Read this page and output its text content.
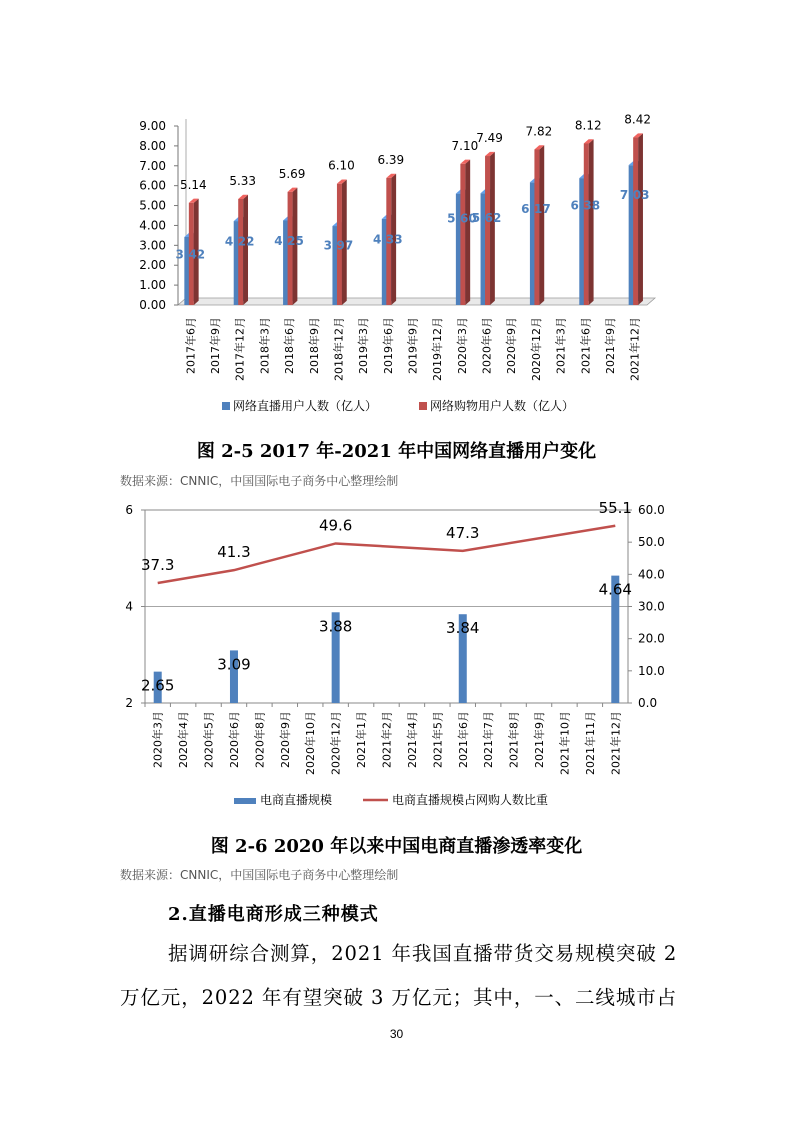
0.00
1.00
2.00
3.00
4.00
5.00
6.00
7.00
8.00
9.00
3.42
5.14
4.22
5.33
4.25
5.69
3.97
6.10
4.33
6.39
5.60
7.10
5.62
7.49
6.17
7.82
6.38
8.12
7.03
8.42
2017年6月 2017年9月 2017年12月 2018年3月 2018年6月 2018年9月 2018年12月 2019年3月 2019年6月 2019年9月 2019年12月 2020年3月 2020年6月 2020年9月 2020年12月 2021年3月 2021年6月 2021年9月 2021年12月
网络直播用户人数（亿人）	网络购物用户人数（亿人）
图 2-5 2017 年-2021 年中国网络直播用户变化
数据来源：CNNIC，中国国际电子商务中心整理绘制
2
4
6
0.0
10.0
20.0
30.0
40.0
50.0
60.0
2.65
3.09
3.88	3.84
4.64
37.3
41.3
49.6	47.3
55.1
2020年3月 2020年4月 2020年5月 2020年6月 2020年8月 2020年9月 2020年10月 2020年12月 2021年1月 2021年2月 2021年4月 2021年5月 2021年6月 2021年7月 2021年8月 2021年9月 2021年10月 2021年11月 2021年12月
电商直播规模	电商直播规模占网购人数比重
图 2-6 2020 年以来中国电商直播渗透率变化
数据来源：CNNIC，中国国际电子商务中心整理绘制
2.直播电商形成三种模式
据调研综合测算，2021 年我国直播带货交易规模突破 2
万亿元，2022 年有望突破 3 万亿元；其中，一、二线城市占
30
